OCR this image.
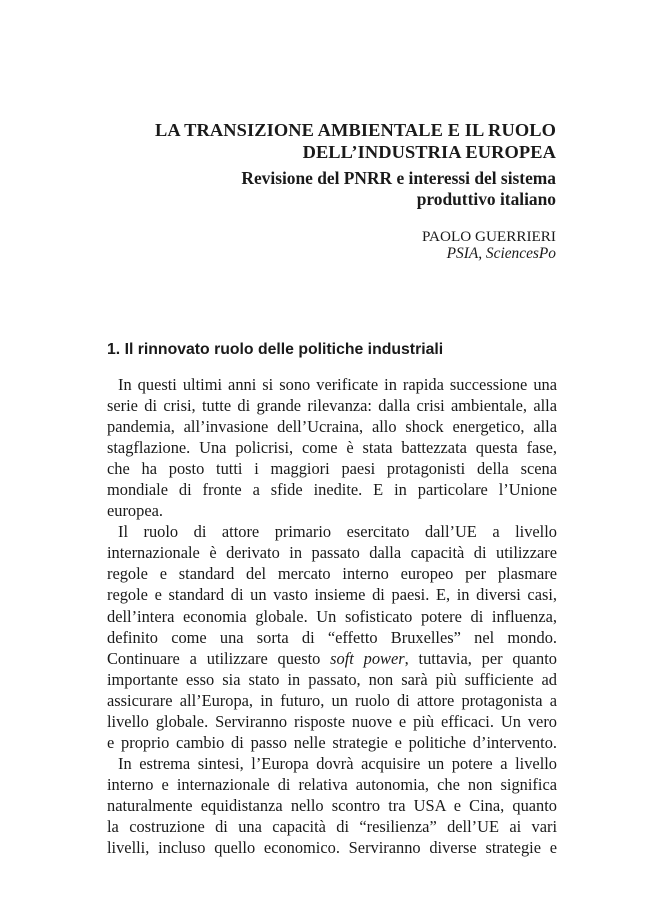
LA TRANSIZIONE AMBIENTALE E IL RUOLO
DELL’INDUSTRIA EUROPEA
Revisione del PNRR e interessi del sistema
produttivo italiano
PAOLO GUERRIERI
PSIA, SciencesPo
1. Il rinnovato ruolo delle politiche industriali
In questi ultimi anni si sono verificate in rapida successione una
serie di crisi, tutte di grande rilevanza: dalla crisi ambientale, alla
pandemia, all’invasione dell’Ucraina, allo shock energetico, alla
stagflazione. Una policrisi, come è stata battezzata questa fase,
che ha posto tutti i maggiori paesi protagonisti della scena
mondiale di fronte a sfide inedite. E in particolare l’Unione
europea.
Il ruolo di attore primario esercitato dall’UE a livello
internazionale è derivato in passato dalla capacità di utilizzare
regole e standard del mercato interno europeo per plasmare
regole e standard di un vasto insieme di paesi. E, in diversi casi,
dell’intera economia globale. Un sofisticato potere di influenza,
definito come una sorta di “effetto Bruxelles” nel mondo.
Continuare a utilizzare questo soft power, tuttavia, per quanto
importante esso sia stato in passato, non sarà più sufficiente ad
assicurare all’Europa, in futuro, un ruolo di attore protagonista a
livello globale. Serviranno risposte nuove e più efficaci. Un vero
e proprio cambio di passo nelle strategie e politiche d’intervento.
In estrema sintesi, l’Europa dovrà acquisire un potere a livello
interno e internazionale di relativa autonomia, che non significa
naturalmente equidistanza nello scontro tra USA e Cina, quanto
la costruzione di una capacità di “resilienza” dell’UE ai vari
livelli, incluso quello economico. Serviranno diverse strategie e
